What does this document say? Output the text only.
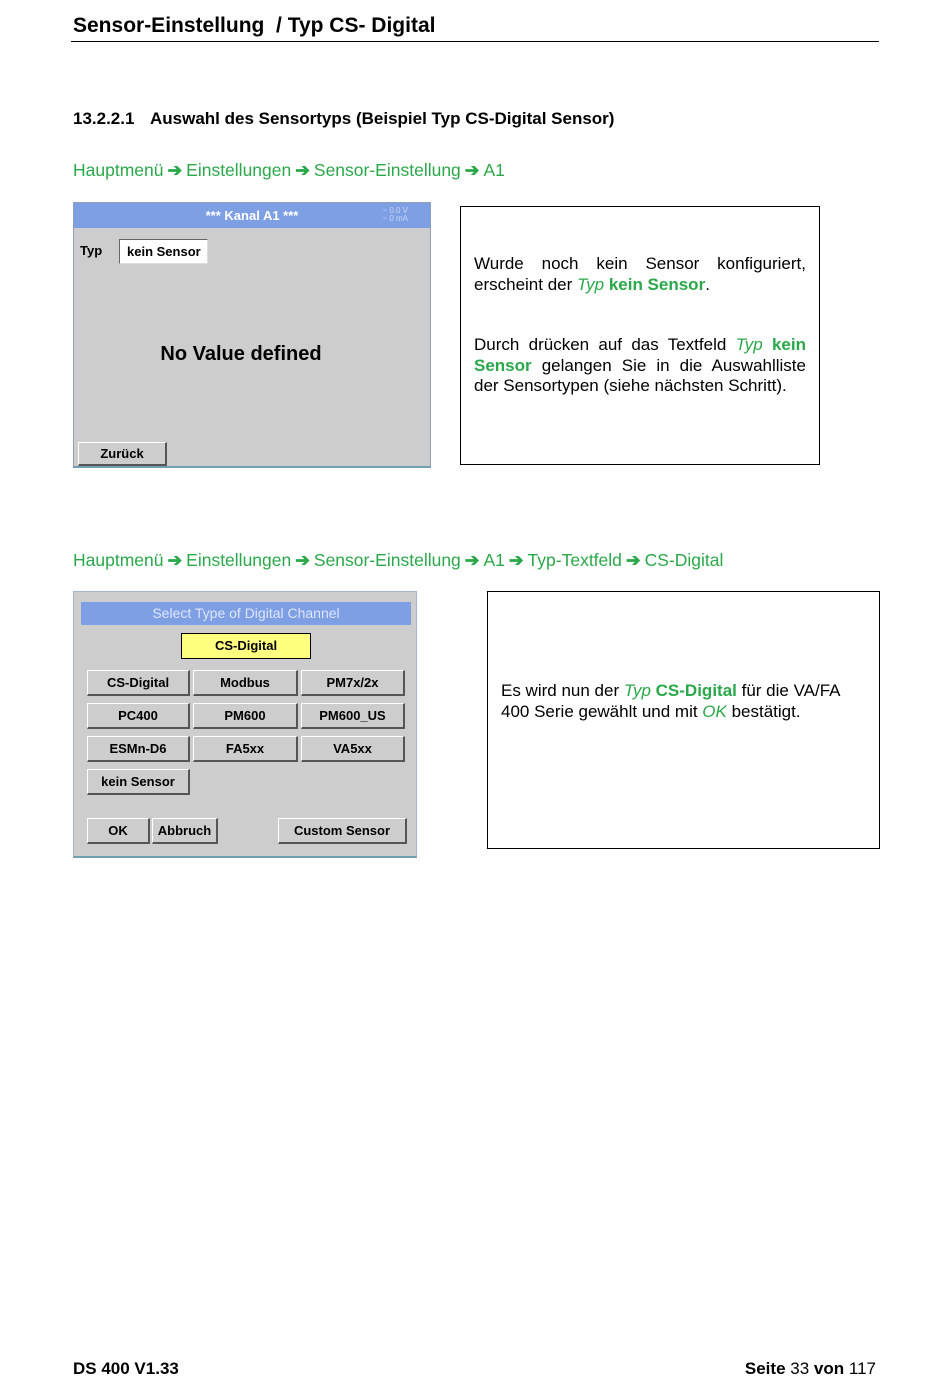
Sensor-Einstellung  / Typ CS- Digital
13.2.2.1 Auswahl des Sensortyps (Beispiel Typ CS-Digital Sensor)
Hauptmenü ➔ Einstellungen ➔ Sensor-Einstellung ➔ A1
*** Kanal A1 ***	~ 0.0 V
~ 0 mA
Typ	kein Sensor
No Value defined
Zurück

Wurde noch kein Sensor konfiguriert, erscheint der Typ kein Sensor.

Durch drücken auf das Textfeld Typ kein Sensor gelangen Sie in die Auswahlliste der Sensortypen (siehe nächsten Schritt).

Hauptmenü ➔ Einstellungen ➔ Sensor-Einstellung ➔ A1 ➔ Typ-Textfeld ➔ CS-Digital
Select Type of Digital Channel
CS-Digital
CS-Digital	Modbus	PM7x/2x
PC400	PM600	PM600_US
ESMn-D6	FA5xx	VA5xx
kein Sensor
OK	Abbruch	Custom Sensor

Es wird nun der Typ CS-Digital für die VA/FA 400 Serie gewählt und mit OK bestätigt.

DS 400 V1.33	Seite 33 von 117
